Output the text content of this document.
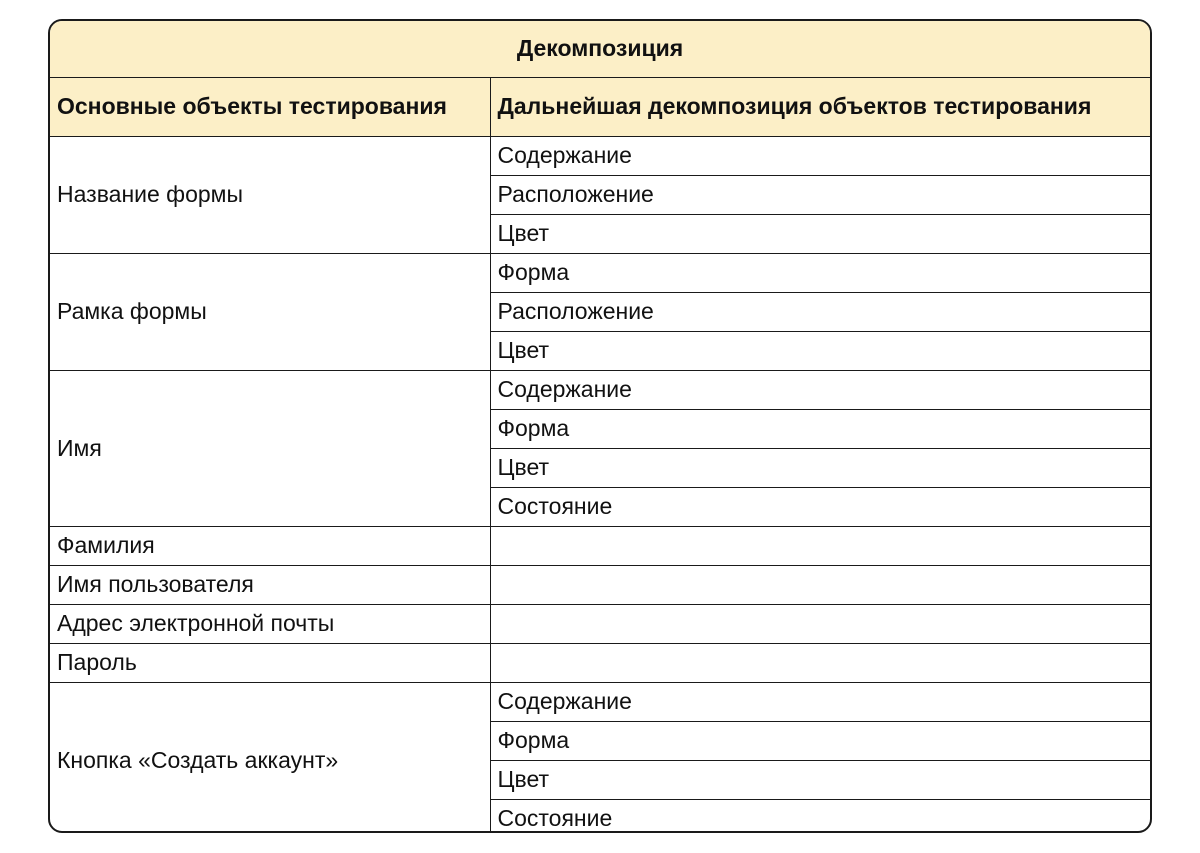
Декомпозиция	
Основные объекты тестирования	Дальнейшая декомпозиция объектов тестирования
Название формы	Содержание
	Расположение
	Цвет
Рамка формы	Форма
	Расположение
	Цвет
Имя	Содержание
	Форма
	Цвет
	Состояние
Фамилия	
Имя пользователя	
Адрес электронной почты	
Пароль	
Кнопка «Создать аккаунт»	Содержание
	Форма
	Цвет
	Состояние
